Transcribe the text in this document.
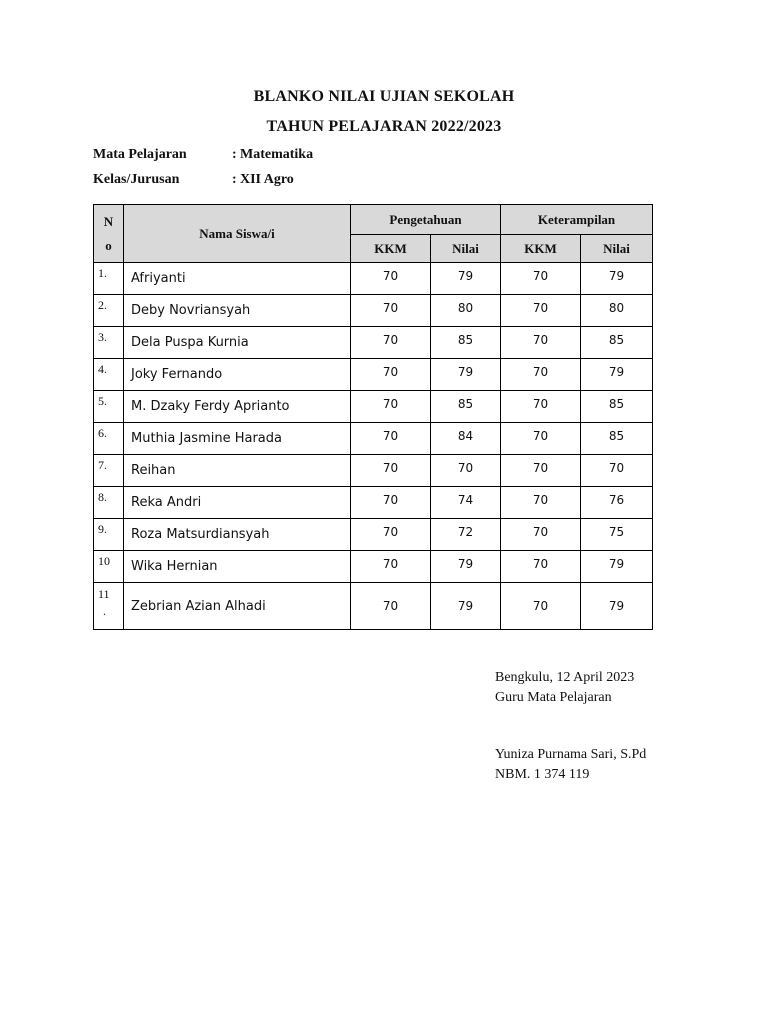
BLANKO NILAI UJIAN SEKOLAH
TAHUN PELAJARAN 2022/2023
Mata Pelajaran	: Matematika
Kelas/Jurusan	: XII Agro
N
o	Nama Siswa/i	Pengetahuan		Keterampilan	
		KKM	Nilai	KKM	Nilai
1.	Afriyanti	70	79	70	79
2.	Deby Novriansyah	70	80	70	80
3.	Dela Puspa Kurnia	70	85	70	85
4.	Joky Fernando	70	79	70	79
5.	M. Dzaky Ferdy Aprianto	70	85	70	85
6.	Muthia Jasmine Harada	70	84	70	85
7.	Reihan	70	70	70	70
8.	Reka Andri	70	74	70	76
9.	Roza Matsurdiansyah	70	72	70	75
10	Wika Hernian	70	79	70	79

11
.	Zebrian Azian Alhadi	70	79	70	79
Bengkulu, 12 April 2023
Guru Mata Pelajaran
Yuniza Purnama Sari, S.Pd
NBM. 1 374 119
